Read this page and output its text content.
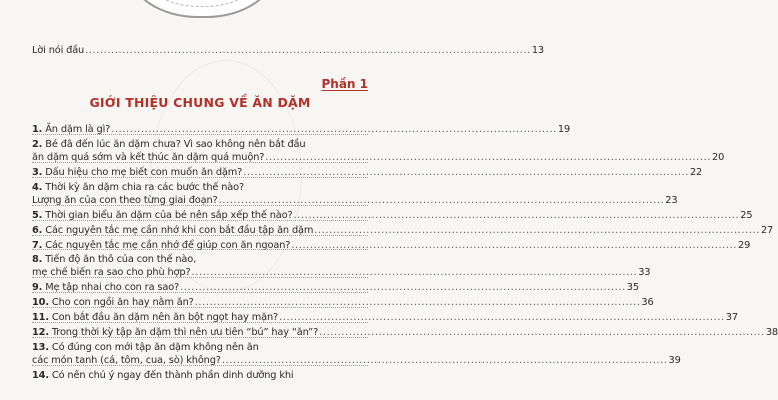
Lời nói đầu ........................................................................................................................ 13
Phần 1
GIỚI THIỆU CHUNG VỀ ĂN DẶM
1. Ăn dặm là gì? ........................................................................................................................ 19
2. Bé đã đến lúc ăn dặm chưa? Vì sao không nên bắt đầu
ăn dặm quá sớm và kết thúc ăn dặm quá muộn? ........................................................................................................................ 20
3. Dấu hiệu cho mẹ biết con muốn ăn dặm? ........................................................................................................................ 22
4. Thời kỳ ăn dặm chia ra các bước thế nào?
Lượng ăn của con theo từng giai đoạn? ........................................................................................................................ 23
5. Thời gian biểu ăn dặm của bé nên sắp xếp thế nào? ........................................................................................................................ 25
6. Các nguyên tắc mẹ cần nhớ khi con bắt đầu tập ăn dặm ........................................................................................................................ 27
7. Các nguyên tắc mẹ cần nhớ để giúp con ăn ngoan? ........................................................................................................................ 29
8. Tiến độ ăn thô của con thế nào,
mẹ chế biến ra sao cho phù hợp? ........................................................................................................................ 33
9. Mẹ tập nhai cho con ra sao? ........................................................................................................................ 35
10. Cho con ngồi ăn hay nằm ăn? ........................................................................................................................ 36
11. Con bắt đầu ăn dặm nên ăn bột ngọt hay mặn? ........................................................................................................................ 37
12. Trong thời kỳ tập ăn dặm thì nên ưu tiên “bú” hay “ăn”? ........................................................................................................................ 38
13. Có đúng con mới tập ăn dặm không nên ăn
các món tanh (cá, tôm, cua, sò) không? ........................................................................................................................ 39
14. Có nên chú ý ngay đến thành phần dinh dưỡng khi
